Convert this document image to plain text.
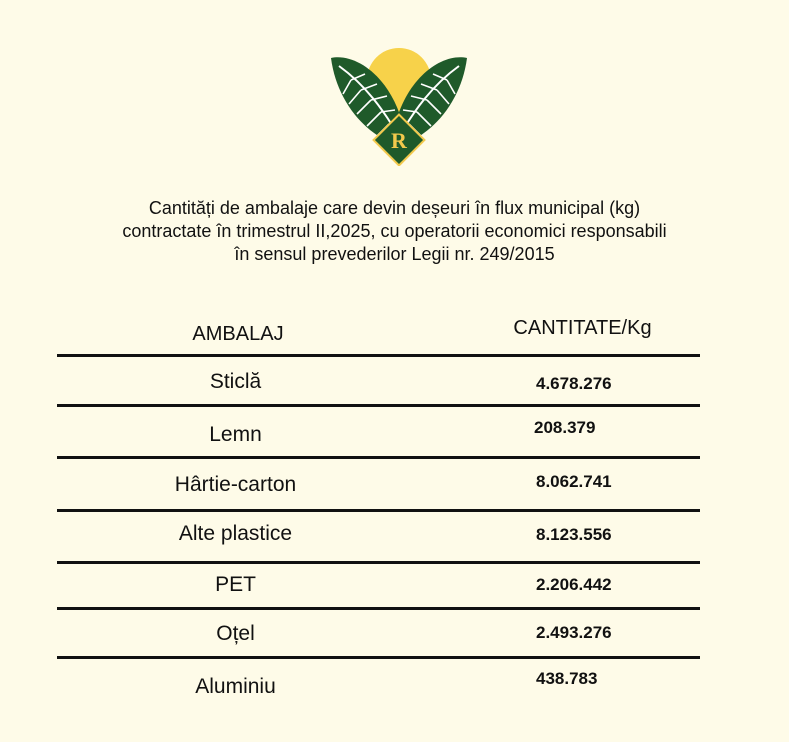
R
Cantități de ambalaje care devin deșeuri în flux municipal (kg)
contractate în trimestrul II,2025, cu operatorii economici responsabili
în sensul prevederilor Legii nr. 249/2015
AMBALAJ	CANTITATE/Kg
Sticlă	4.678.276
Lemn	208.379
Hârtie-carton	8.062.741
Alte plastice	8.123.556
PET	2.206.442
Oțel	2.493.276
Aluminiu	438.783
